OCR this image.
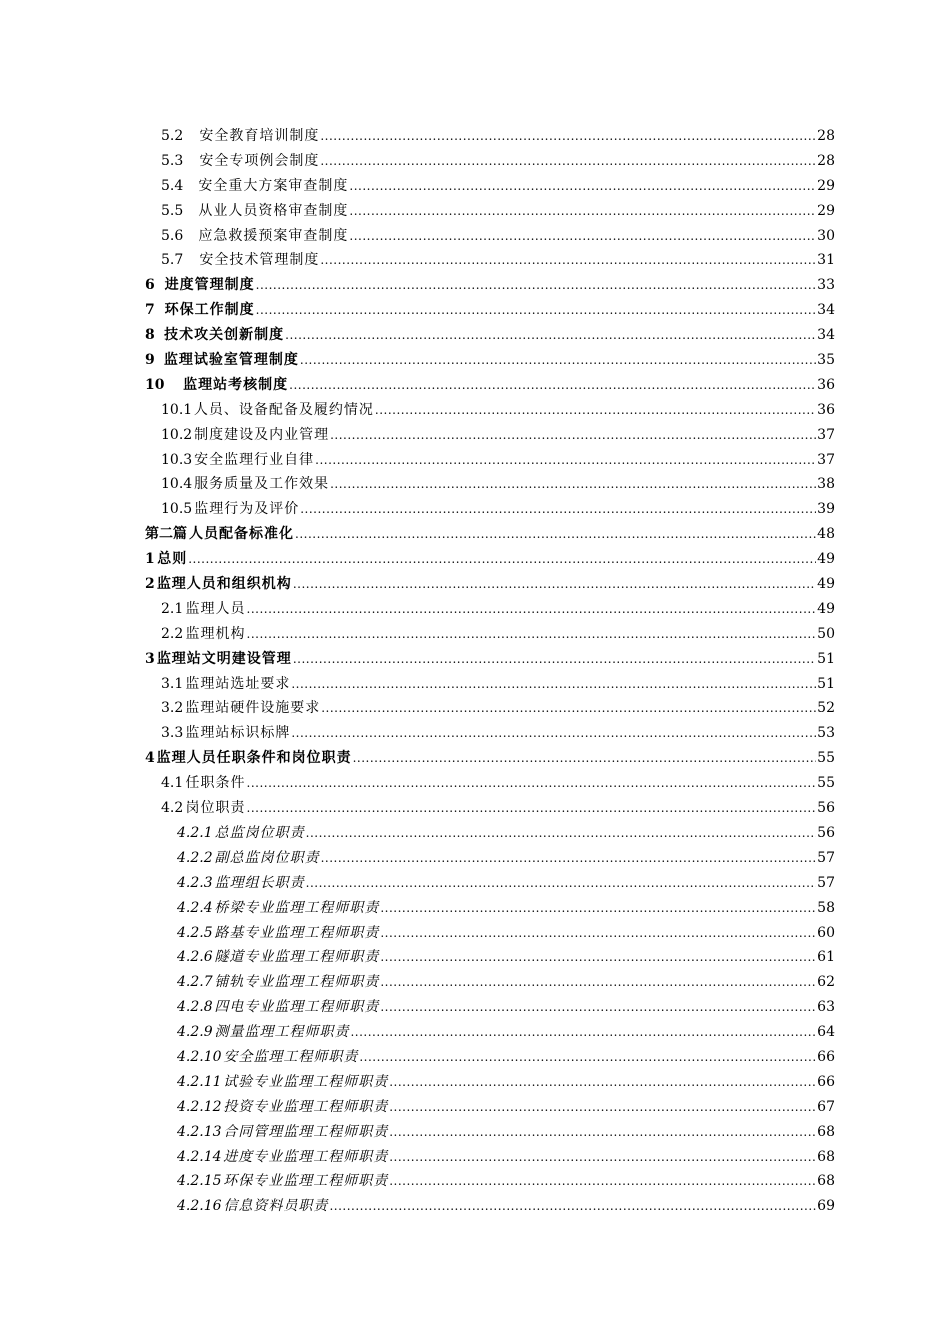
5.2 安全教育培训制度 .....	28
5.3 安全专项例会制度 .....	28
5.4 安全重大方案审查制度 .....	29
5.5 从业人员资格审查制度 .....	29
5.6 应急救援预案审查制度 .....	30
5.7 安全技术管理制度 .....	31
6 进度管理制度 .....	33
7 环保工作制度 .....	34
8 技术攻关创新制度 .....	34
9 监理试验室管理制度 .....	35
10 监理站考核制度 .....	36
10.1 人员、设备配备及履约情况 .....	36
10.2 制度建设及内业管理 .....	37
10.3 安全监理行业自律 .....	37
10.4 服务质量及工作效果 .....	38
10.5 监理行为及评价 .....	39
第二篇 人员配备标准化 .....	48
1 总则 .....	49
2 监理人员和组织机构 .....	49
2.1 监理人员 .....	49
2.2 监理机构 .....	50
3 监理站文明建设管理 .....	51
3.1 监理站选址要求 .....	51
3.2 监理站硬件设施要求 .....	52
3.3 监理站标识标牌 .....	53
4 监理人员任职条件和岗位职责 .....	55
4.1 任职条件 .....	55
4.2 岗位职责 .....	56
4.2.1 总监岗位职责 .....	56
4.2.2 副总监岗位职责 .....	57
4.2.3 监理组长职责 .....	57
4.2.4 桥梁专业监理工程师职责 .....	58
4.2.5 路基专业监理工程师职责 .....	60
4.2.6 隧道专业监理工程师职责 .....	61
4.2.7 铺轨专业监理工程师职责 .....	62
4.2.8 四电专业监理工程师职责 .....	63
4.2.9 测量监理工程师职责 .....	64
4.2.10 安全监理工程师职责 .....	66
4.2.11 试验专业监理工程师职责 .....	66
4.2.12 投资专业监理工程师职责 .....	67
4.2.13 合同管理监理工程师职责 .....	68
4.2.14 进度专业监理工程师职责 .....	68
4.2.15 环保专业监理工程师职责 .....	68
4.2.16 信息资料员职责 .....	69
